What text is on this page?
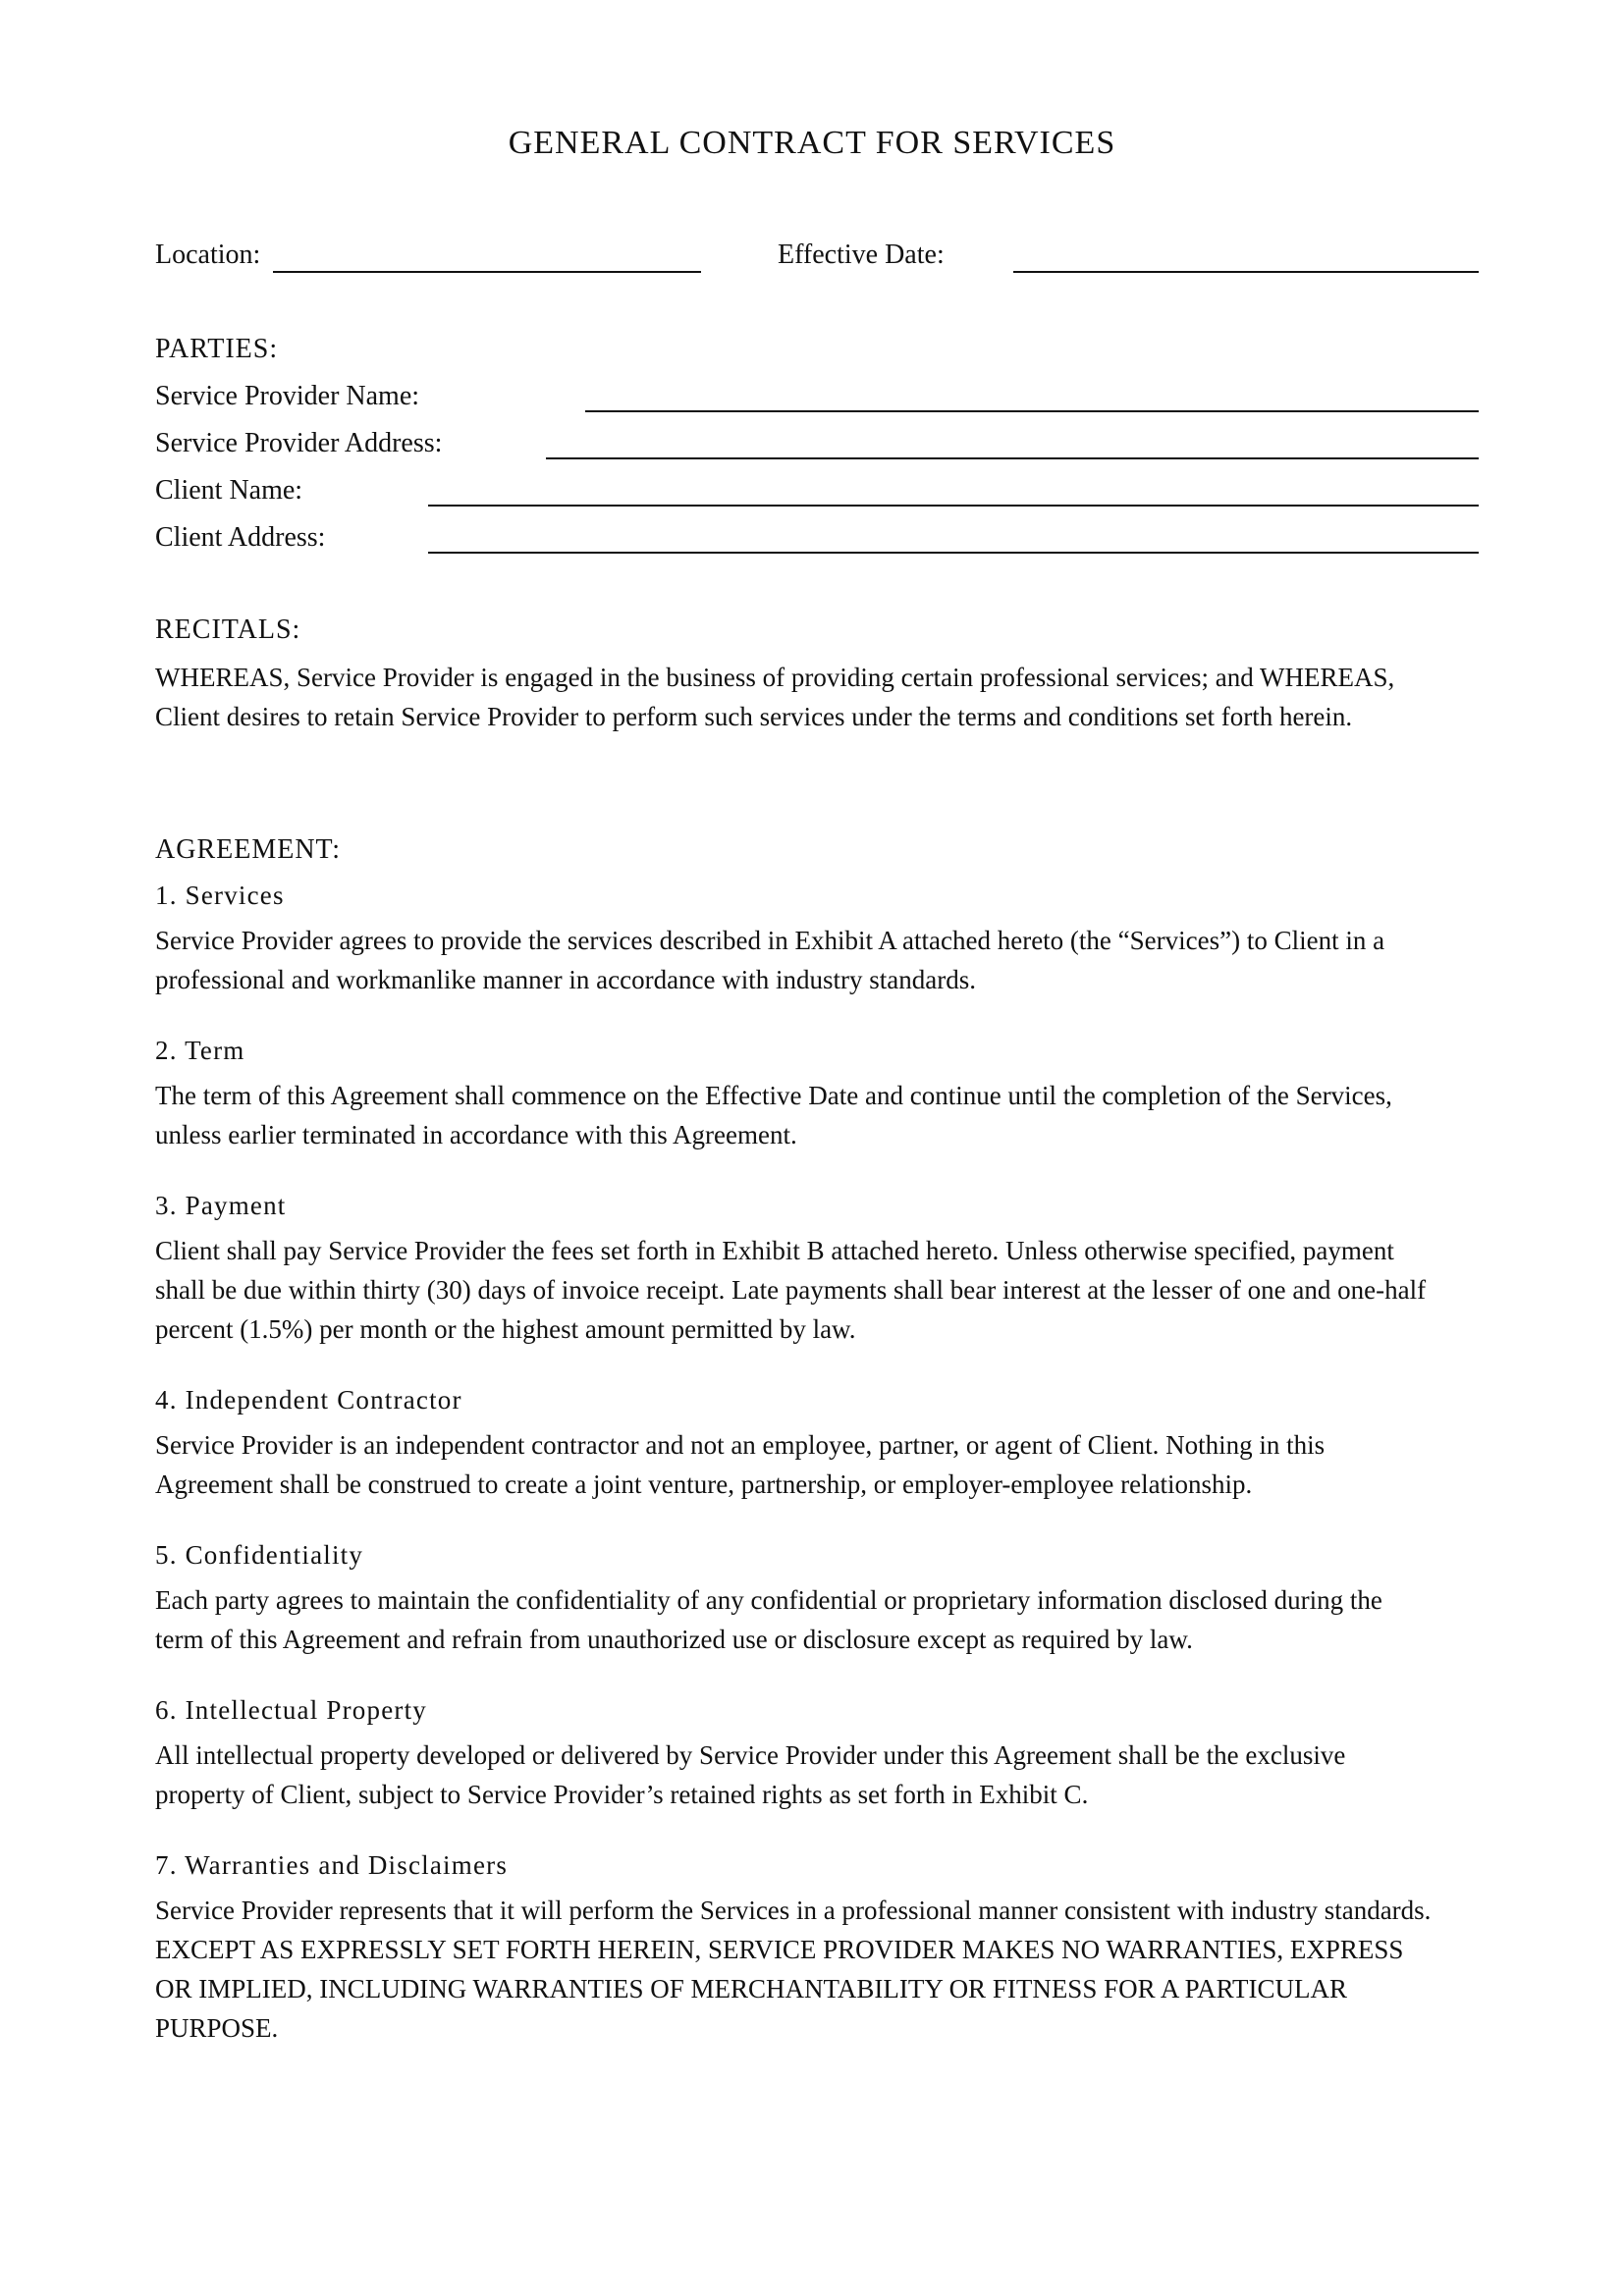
GENERAL CONTRACT FOR SERVICES
Location:	Effective Date:
PARTIES:
Service Provider Name:
Service Provider Address:
Client Name:
Client Address:
RECITALS:
WHEREAS, Service Provider is engaged in the business of providing certain professional services; and WHEREAS,
Client desires to retain Service Provider to perform such services under the terms and conditions set forth herein.
AGREEMENT:
1. Services
Service Provider agrees to provide the services described in Exhibit A attached hereto (the “Services”) to Client in a
professional and workmanlike manner in accordance with industry standards.
2. Term
The term of this Agreement shall commence on the Effective Date and continue until the completion of the Services,
unless earlier terminated in accordance with this Agreement.
3. Payment
Client shall pay Service Provider the fees set forth in Exhibit B attached hereto. Unless otherwise specified, payment
shall be due within thirty (30) days of invoice receipt. Late payments shall bear interest at the lesser of one and one-half
percent (1.5%) per month or the highest amount permitted by law.
4. Independent Contractor
Service Provider is an independent contractor and not an employee, partner, or agent of Client. Nothing in this
Agreement shall be construed to create a joint venture, partnership, or employer-employee relationship.
5. Confidentiality
Each party agrees to maintain the confidentiality of any confidential or proprietary information disclosed during the
term of this Agreement and refrain from unauthorized use or disclosure except as required by law.
6. Intellectual Property
All intellectual property developed or delivered by Service Provider under this Agreement shall be the exclusive
property of Client, subject to Service Provider’s retained rights as set forth in Exhibit C.
7. Warranties and Disclaimers
Service Provider represents that it will perform the Services in a professional manner consistent with industry standards.
EXCEPT AS EXPRESSLY SET FORTH HEREIN, SERVICE PROVIDER MAKES NO WARRANTIES, EXPRESS
OR IMPLIED, INCLUDING WARRANTIES OF MERCHANTABILITY OR FITNESS FOR A PARTICULAR
PURPOSE.
